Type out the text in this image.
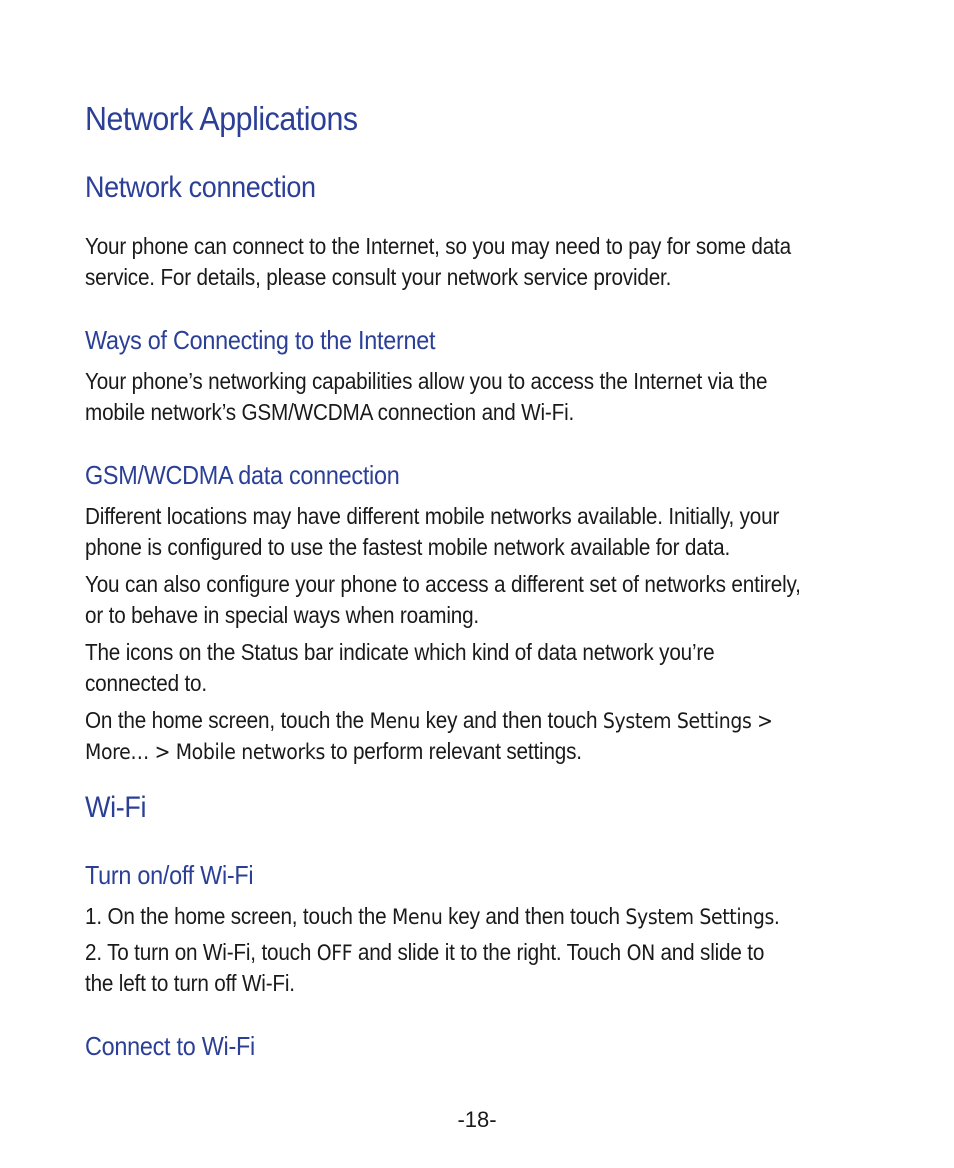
Network Applications
Network connection
Your phone can connect to the Internet, so you may need to pay for some data
service. For details, please consult your network service provider.
Ways of Connecting to the Internet
Your phone’s networking capabilities allow you to access the Internet via the
mobile network’s GSM/WCDMA connection and Wi-Fi.
GSM/WCDMA data connection
Different locations may have different mobile networks available. Initially, your
phone is configured to use the fastest mobile network available for data.
You can also configure your phone to access a different set of networks entirely,
or to behave in special ways when roaming.
The icons on the Status bar indicate which kind of data network you’re
connected to.
On the home screen, touch the Menu key and then touch System Settings >
More… > Mobile networks to perform relevant settings.
Wi-Fi
Turn on/off Wi-Fi
1. On the home screen, touch the Menu key and then touch System Settings.
2. To turn on Wi-Fi, touch OFF and slide it to the right. Touch ON and slide to
the left to turn off Wi-Fi.
Connect to Wi-Fi
-18-
